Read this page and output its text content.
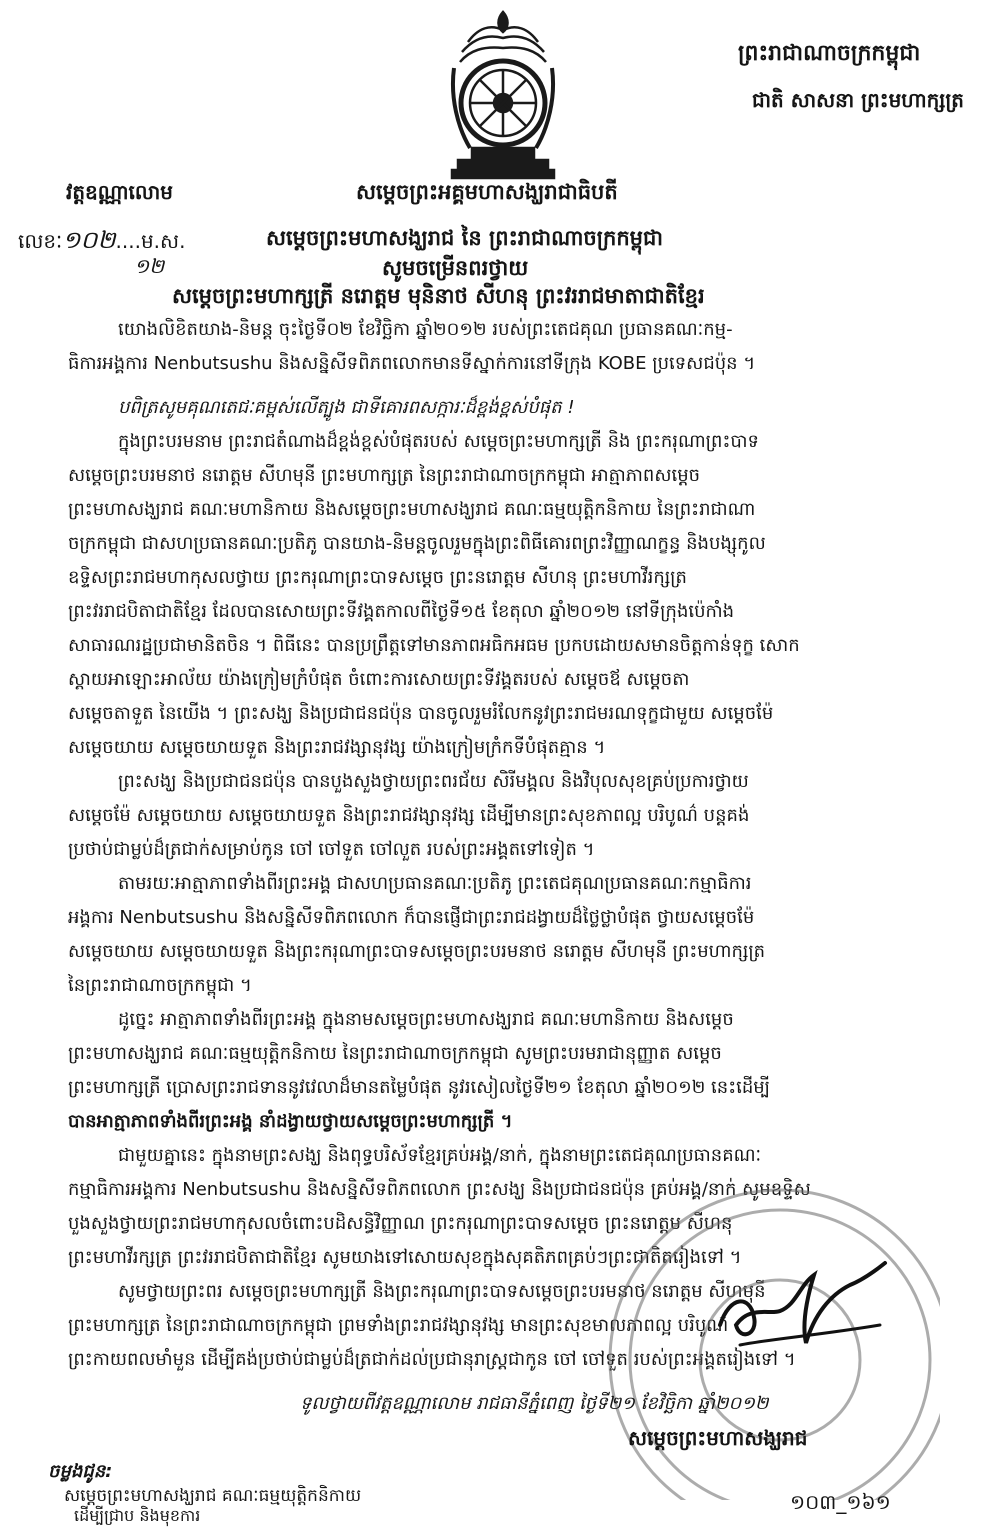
ព្រះរាជាណាចក្រកម្ពុជា
ជាតិ សាសនា ព្រះមហាក្សត្រ
វត្តឧណ្ណាលោម
លេខៈ១០២....ម.ស.
១២
សម្តេចព្រះអគ្គមហាសង្ឃរាជាធិបតី
សម្តេចព្រះមហាសង្ឃរាជ នៃ ព្រះរាជាណាចក្រកម្ពុជា
សូមចម្រើនពរថ្វាយ
សម្តេចព្រះមហាក្សត្រី នរោត្តម មុនិនាថ សីហនុ ព្រះវររាជមាតាជាតិខ្មែរ
យោងលិខិតយាង-និមន្ត ចុះថ្ងៃទី០២ ខែវិច្ឆិកា ឆ្នាំ២០១២ របស់ព្រះតេជគុណ ប្រធានគណៈកម្ម-
ធិការអង្គការ Nenbutsushu និងសន្និសីទពិភពលោកមានទីស្នាក់ការនៅទីក្រុង KOBE ប្រទេសជប៉ុន ។
បពិត្រសូមគុណតេជៈគម្ពស់លើត្បូង ជាទីគោរពសក្ការៈដ៏ខ្ពង់ខ្ពស់បំផុត !
ក្នុងព្រះបរមនាម ព្រះរាជតំណាងដ៏ខ្ពង់ខ្ពស់បំផុតរបស់ សម្តេចព្រះមហាក្សត្រី និង ព្រះករុណាព្រះបាទ
សម្តេចព្រះបរមនាថ នរោត្តម សីហមុនី ព្រះមហាក្សត្រ នៃព្រះរាជាណាចក្រកម្ពុជា អាត្មាភាពសម្តេច
ព្រះមហាសង្ឃរាជ គណៈមហានិកាយ និងសម្តេចព្រះមហាសង្ឃរាជ គណៈធម្មយុត្តិកនិកាយ នៃព្រះរាជាណា
ចក្រកម្ពុជា ជាសហប្រធានគណៈប្រតិភូ បានយាង-និមន្តចូលរួមក្នុងព្រះពិធីគោរពព្រះវិញ្ញាណក្ខន្ធ និងបង្សុកូល
ឧទ្ទិសព្រះរាជមហាកុសលថ្វាយ ព្រះករុណាព្រះបាទសម្តេច ព្រះនរោត្តម សីហនុ ព្រះមហាវីរក្សត្រ
ព្រះវររាជបិតាជាតិខ្មែរ ដែលបានសោយព្រះទីវង្គតកាលពីថ្ងៃទី១៥ ខែតុលា ឆ្នាំ២០១២ នៅទីក្រុងប៉េកាំង
សាធារណរដ្ឋប្រជាមានិតចិន ។ ពិធីនេះ បានប្រព្រឹត្តទៅមានភាពអធិកអធម ប្រកបដោយសមានចិត្តកាន់ទុក្ខ សោក
ស្តាយអាឡោះអាល័យ យ៉ាងក្រៀមក្រំបំផុត ចំពោះការសោយព្រះទីវង្គតរបស់ សម្តេចឪ សម្តេចតា
សម្តេចតាទួត នៃយើង ។ ព្រះសង្ឃ និងប្រជាជនជប៉ុន បានចូលរួមរំលែកនូវព្រះរាជមរណទុក្ខជាមួយ សម្តេចម៉ែ
សម្តេចយាយ សម្តេចយាយទួត និងព្រះរាជវង្សានុវង្ស យ៉ាងក្រៀមក្រំកទីបំផុតគ្មាន ។
ព្រះសង្ឃ និងប្រជាជនជប៉ុន បានបួងសួងថ្វាយព្រះពរជ័យ សិរីមង្គល និងវិបុលសុខគ្រប់ប្រការថ្វាយ
សម្តេចម៉ែ សម្តេចយាយ សម្តេចយាយទួត និងព្រះរាជវង្សានុវង្ស ដើម្បីមានព្រះសុខភាពល្អ បរិបូណ៌ បន្តគង់
ប្រថាប់ជាម្លប់ដ៏ត្រជាក់សម្រាប់កូន ចៅ ចៅទួត ចៅលួត របស់ព្រះអង្គតទៅទៀត ។
តាមរយៈអាត្មាភាពទាំងពីរព្រះអង្គ ជាសហប្រធានគណៈប្រតិភូ ព្រះតេជគុណប្រធានគណៈកម្មាធិការ
អង្គការ Nenbutsushu និងសន្និសីទពិភពលោក ក៏បានផ្ញើជាព្រះរាជដង្វាយដ៏ថ្លៃថ្លាបំផុត ថ្វាយសម្តេចម៉ែ
សម្តេចយាយ សម្តេចយាយទួត និងព្រះករុណាព្រះបាទសម្តេចព្រះបរមនាថ នរោត្តម សីហមុនី ព្រះមហាក្សត្រ
នៃព្រះរាជាណាចក្រកម្ពុជា ។
ដូច្នេះ អាត្មាភាពទាំងពីរព្រះអង្គ ក្នុងនាមសម្តេចព្រះមហាសង្ឃរាជ គណៈមហានិកាយ និងសម្តេច
ព្រះមហាសង្ឃរាជ គណៈធម្មយុត្តិកនិកាយ នៃព្រះរាជាណាចក្រកម្ពុជា សូមព្រះបរមរាជានុញ្ញាត សម្តេច
ព្រះមហាក្សត្រី ប្រោសព្រះរាជទាននូវវេលាដ៏មានតម្លៃបំផុត នូវរសៀលថ្ងៃទី២១ ខែតុលា ឆ្នាំ២០១២ នេះដើម្បី
បានអាត្មាភាពទាំងពីរព្រះអង្គ នាំដង្វាយថ្វាយសម្តេចព្រះមហាក្សត្រី ។
ជាមួយគ្នានេះ ក្នុងនាមព្រះសង្ឃ និងពុទ្ធបរិស័ទខ្មែរគ្រប់អង្គ/នាក់, ក្នុងនាមព្រះតេជគុណប្រធានគណៈ
កម្មាធិការអង្គការ Nenbutsushu និងសន្និសីទពិភពលោក ព្រះសង្ឃ និងប្រជាជនជប៉ុន គ្រប់អង្គ/នាក់ សូមឧទ្ទិស
បួងសួងថ្វាយព្រះរាជមហាកុសលចំពោះបដិសន្ធិវិញ្ញាណ ព្រះករុណាព្រះបាទសម្តេច ព្រះនរោត្តម សីហនុ
ព្រះមហាវីរក្សត្រ ព្រះវររាជបិតាជាតិខ្មែរ សូមយាងទៅសោយសុខក្នុងសុគតិភពគ្រប់ៗព្រះជាតិតរៀងទៅ ។
សូមថ្វាយព្រះពរ សម្តេចព្រះមហាក្សត្រី និងព្រះករុណាព្រះបាទសម្តេចព្រះបរមនាថ នរោត្តម សីហមុនី
ព្រះមហាក្សត្រ នៃព្រះរាជាណាចក្រកម្ពុជា ព្រមទាំងព្រះរាជវង្សានុវង្ស មានព្រះសុខមាលភាពល្អ បរិបូណ៌
ព្រះកាយពលមាំមួន ដើម្បីគង់ប្រថាប់ជាម្លប់ដ៏ត្រជាក់ដល់ប្រជានុរាស្ត្រជាកូន ចៅ ចៅទួត របស់ព្រះអង្គតរៀងទៅ ។
ទូលថ្វាយពីវត្តឧណ្ណាលោម រាជធានីភ្នំពេញ ថ្ងៃទី២១ ខែវិច្ឆិកា ឆ្នាំ២០១២
សម្តេចព្រះមហាសង្ឃរាជ
ចម្លងជូន:
សម្តេចព្រះមហាសង្ឃរាជ គណៈធម្មយុត្តិកនិកាយ
ដើម្បីជ្រាប និងមុខការ
១០៣_១៦១
